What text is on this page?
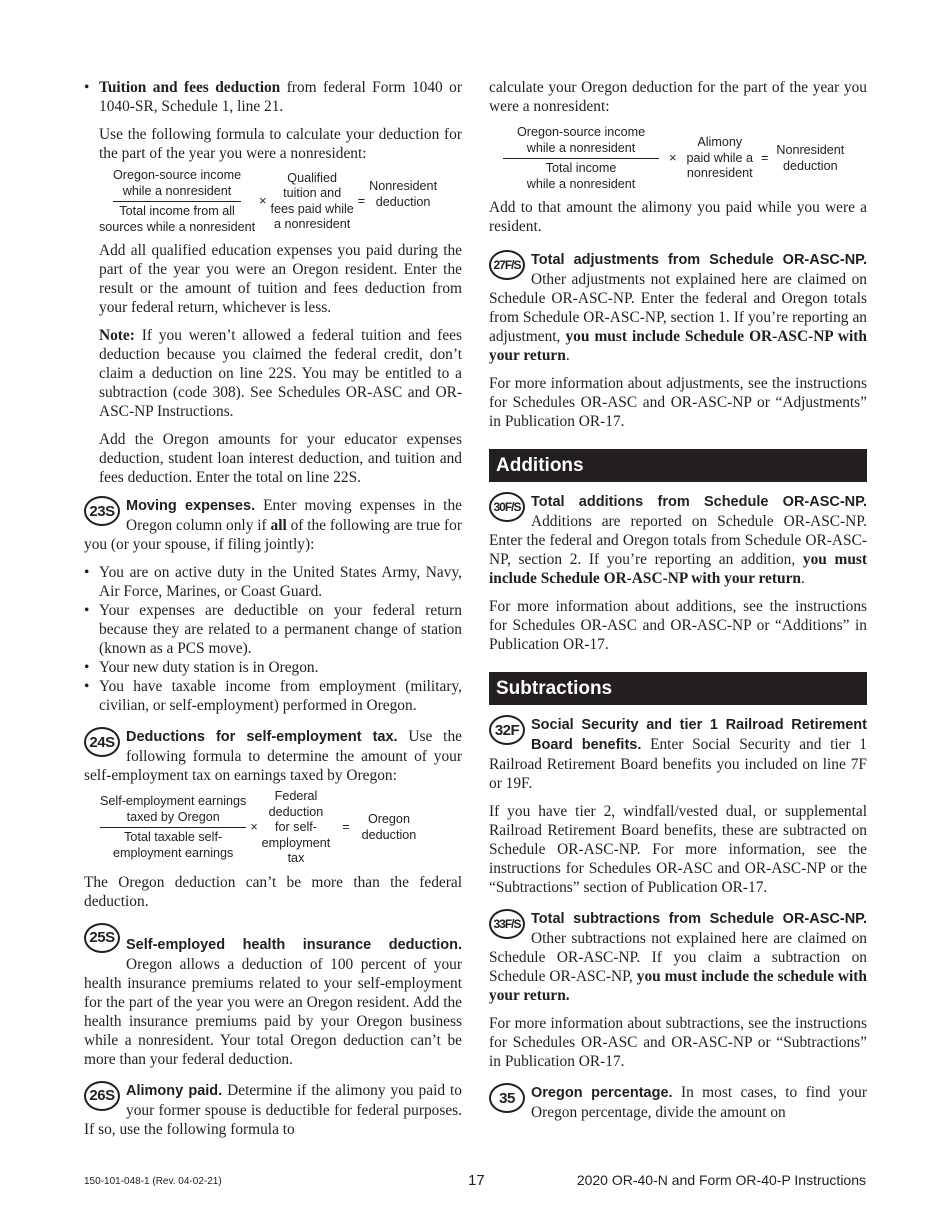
• Tuition and fees deduction from federal Form 1040 or 1040-SR, Schedule 1, line 21.

Use the following formula to calculate your deduction for the part of the year you were a nonresident:

Oregon-source income
while a nonresident
Total income from all
sources while a nonresident
×
Qualified
tuition and
fees paid while
a nonresident
=
Nonresident
deduction

Add all qualified education expenses you paid during the part of the year you were an Oregon resident. Enter the result or the amount of tuition and fees deduction from your federal return, whichever is less.

Note: If you weren’t allowed a federal tuition and fees deduction because you claimed the federal credit, don’t claim a deduction on line 22S. You may be entitled to a subtraction (code 308). See Schedules OR-ASC and OR-ASC-NP Instructions.

Add the Oregon amounts for your educator expenses deduction, student loan interest deduction, and tuition and fees deduction. Enter the total on line 22S.

23S Moving expenses. Enter moving expenses in the Oregon column only if all of the following are true for you (or your spouse, if filing jointly):

• You are on active duty in the United States Army, Navy, Air Force, Marines, or Coast Guard.
• Your expenses are deductible on your federal return because they are related to a permanent change of station (known as a PCS move).
• Your new duty station is in Oregon.
• You have taxable income from employment (military, civilian, or self-employment) performed in Oregon.
24S Deductions for self-employment tax. Use the following formula to determine the amount of your self-employment tax on earnings taxed by Oregon:

Self-employment earnings
taxed by Oregon
Total taxable self-
employment earnings
×
Federal
deduction
for self-
employment
tax
=
Oregon
deduction

The Oregon deduction can’t be more than the federal deduction.

25S Self-employed health insurance deduction. Oregon allows a deduction of 100 percent of your health insurance premiums related to your self-employment for the part of the year you were an Oregon resident. Add the health insurance premiums paid by your Oregon business while a nonresident. Your total Oregon deduction can’t be more than your federal deduction.

26S Alimony paid. Determine if the alimony you paid to your former spouse is deductible for federal purposes. If so, use the following formula to

calculate your Oregon deduction for the part of the year you were a nonresident:

Oregon-source income
while a nonresident
Total income
while a nonresident
×
Alimony
paid while a
nonresident
=
Nonresident
deduction

Add to that amount the alimony you paid while you were a resident.

27F/S Total adjustments from Schedule OR-ASC-NP. Other adjustments not explained here are claimed on Schedule OR-ASC-NP. Enter the federal and Oregon totals from Schedule OR-ASC-NP, section 1. If you’re reporting an adjustment, you must include Schedule OR-ASC-NP with your return.

For more information about adjustments, see the instructions for Schedules OR-ASC and OR-ASC-NP or “Adjustments” in Publication OR-17.

Additions
30F/S Total additions from Schedule OR-ASC-NP. Additions are reported on Schedule OR-ASC-NP. Enter the federal and Oregon totals from Schedule OR-ASC-NP, section 2. If you’re reporting an addition, you must include Schedule OR-ASC-NP with your return.

For more information about additions, see the instructions for Schedules OR-ASC and OR-ASC-NP or “Additions” in Publication OR-17.

Subtractions
32F Social Security and tier 1 Railroad Retirement Board benefits. Enter Social Security and tier 1 Railroad Retirement Board benefits you included on line 7F or 19F.

If you have tier 2, windfall/vested dual, or supplemental Railroad Retirement Board benefits, these are subtracted on Schedule OR-ASC-NP. For more information, see the instructions for Schedules OR-ASC and OR-ASC-NP or the “Subtractions” section of Publication OR-17.

33F/S Total subtractions from Schedule OR-ASC-NP. Other subtractions not explained here are claimed on Schedule OR-ASC-NP. If you claim a subtraction on Schedule OR-ASC-NP, you must include the schedule with your return.

For more information about subtractions, see the instructions for Schedules OR-ASC and OR-ASC-NP or “Subtractions” in Publication OR-17.

35	Oregon percentage. In most cases, to find your Oregon percentage, divide the amount on

150-101-048-1 (Rev. 04-02-21)	17	2020 OR-40-N and Form OR-40-P Instructions
